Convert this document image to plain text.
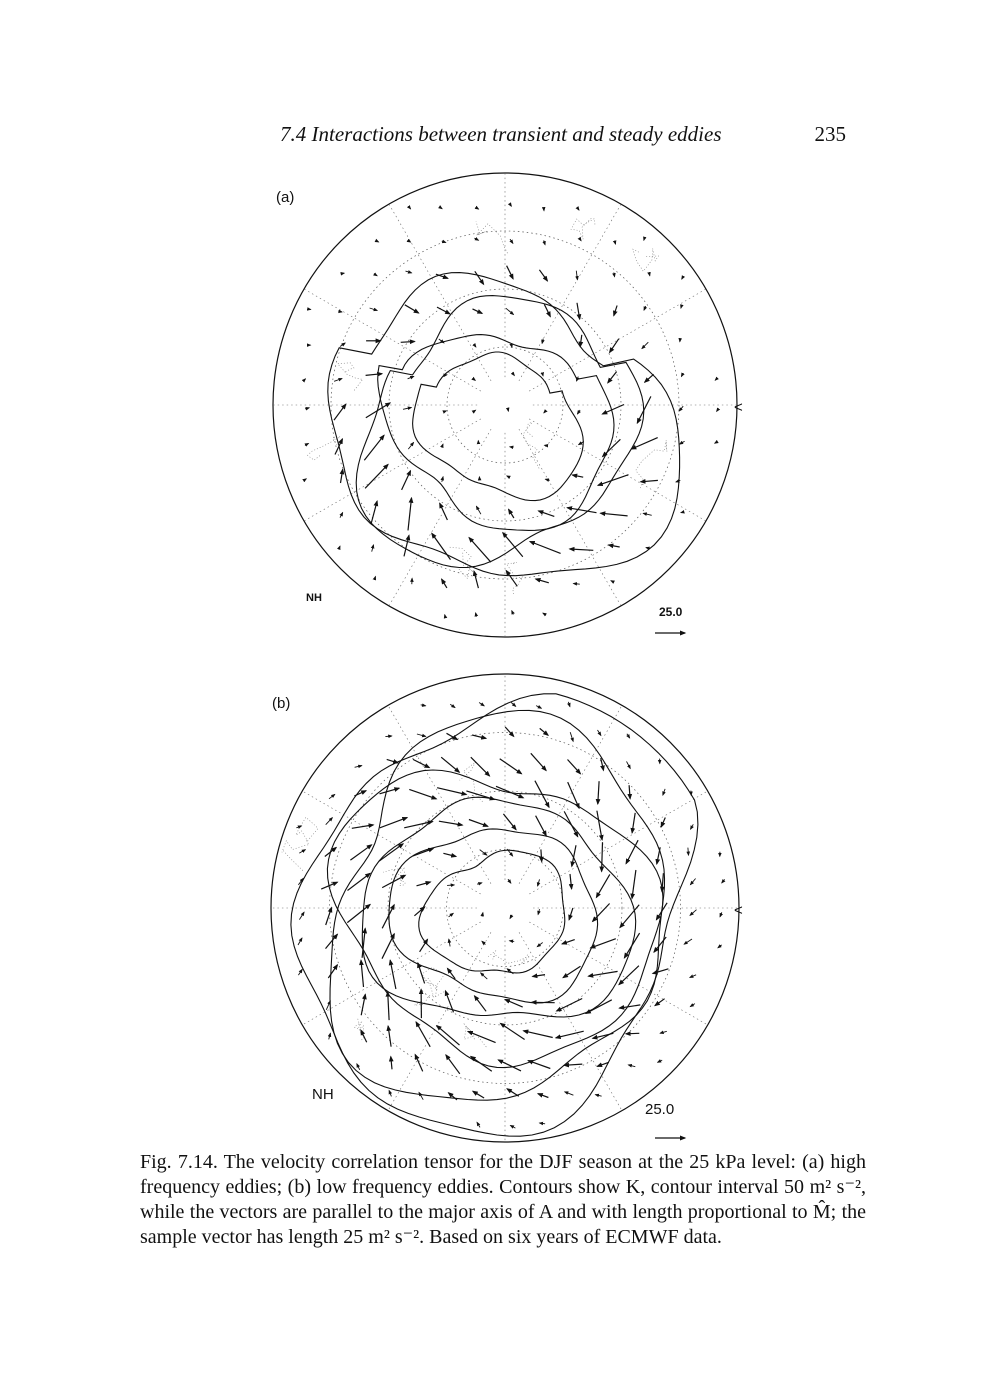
7.4 Interactions between transient and steady eddies	235
(a)
NH
25.0
<
(b)
NH
25.0
<

Fig. 7.14. The velocity correlation tensor for the DJF season at the 25 kPa level: (a) high frequency eddies; (b) low frequency eddies. Contours show K, contour interval 50 m² s⁻², while the vectors are parallel to the major axis of A and with length proportional to M̂; the sample vector has length 25 m² s⁻². Based on six years of ECMWF data.
